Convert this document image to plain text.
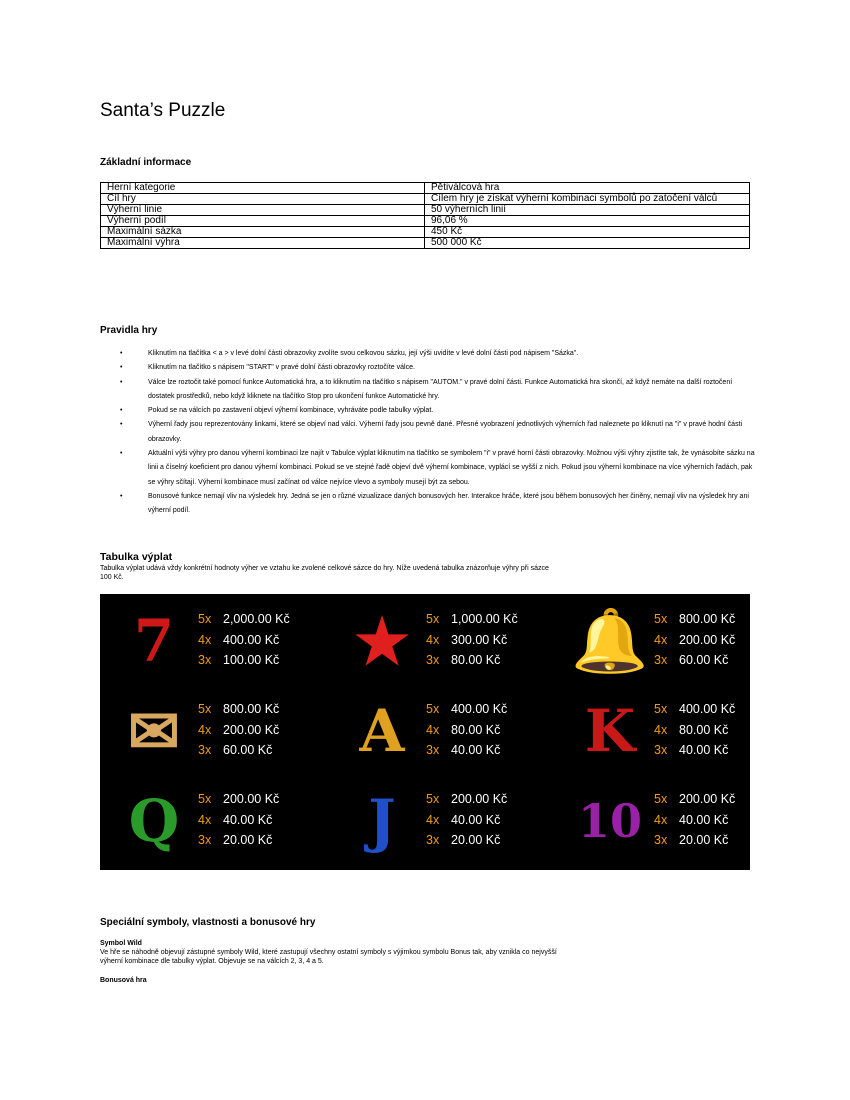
Santa’s Puzzle
Základní informace
Herní kategorie	Pětiválcová hra
Cíl hry	Cílem hry je získat výherní kombinaci symbolů po zatočení válců
Výherní linie	50 výherních linií
Výherní podíl	96,06 %
Maximální sázka	450 Kč
Maximální výhra	500 000 Kč
Pravidla hry
• Kliknutím na tlačítka < a > v levé dolní části obrazovky zvolíte svou celkovou sázku, její výši uvidíte v levé dolní části pod nápisem "Sázka".
• Kliknutím na tlačítko s nápisem "START" v pravé dolní části obrazovky roztočíte válce.
• Válce lze roztočit také pomocí funkce Automatická hra, a to kliknutím na tlačítko s nápisem "AUTOM." v pravé dolní části. Funkce Automatická hra skončí, až když nemáte na další roztočení dostatek prostředků, nebo když kliknete na tlačítko Stop pro ukončení funkce Automatické hry.
• Pokud se na válcích po zastavení objeví výherní kombinace, vyhráváte podle tabulky výplat.
• Výherní řady jsou reprezentovány linkami, které se objeví nad válci. Výherní řady jsou pevně dané. Přesné vyobrazení jednotlivých výherních řad naleznete po kliknutí na "i" v pravé hodní části obrazovky.
• Aktuální výši výhry pro danou výherní kombinaci lze najít v Tabulce výplat kliknutím na tlačítko se symbolem "i" v pravé horní části obrazovky. Možnou výši výhry zjistíte tak, že vynásobíte sázku na linii a číselný koeficient pro danou výherní kombinaci. Pokud se ve stejné řadě objeví dvě výherní kombinace, vyplácí se vyšší z nich. Pokud jsou výherní kombinace na více výherních řadách, pak se výhry sčítají. Výherní kombinace musí začínat od válce nejvíce vlevo a symboly musejí být za sebou.
• Bonusové funkce nemají vliv na výsledek hry. Jedná se jen o různé vizualizace daných bonusových her. Interakce hráče, které jsou během bonusových her činěny, nemají vliv na výsledek hry ani výherní podíl.
Tabulka výplat
Tabulka výplat udává vždy konkrétní hodnoty výher ve vztahu ke zvolené celkové sázce do hry. Níže uvedená tabulka znázorňuje výhry při sázce 100 Kč.
7	5x 2,000.00 Kč
4x 400.00 Kč
3x 100.00 Kč ★	5x 1,000.00 Kč
4x 300.00 Kč
3x 80.00 Kč 🔔 5x 800.00 Kč
4x 200.00 Kč
3x 60.00 Kč
✉	5x 800.00 Kč
4x 200.00 Kč
3x 60.00 Kč A	5x 400.00 Kč
4x 80.00 Kč
3x 40.00 Kč K	5x 400.00 Kč
4x 80.00 Kč
3x 40.00 Kč
Q	5x 200.00 Kč
4x 40.00 Kč
3x 20.00 Kč	J	5x 200.00 Kč
4x 40.00 Kč
3x 20.00 Kč 10 5x 200.00 Kč
4x 40.00 Kč
3x 20.00 Kč
Speciální symboly, vlastnosti a bonusové hry
Symbol Wild
Ve hře se náhodně objevují zástupné symboly Wild, které zastupují všechny ostatní symboly s výjimkou symbolu Bonus tak, aby vznikla co nejvyšší výherní kombinace dle tabulky výplat. Objevuje se na válcích 2, 3, 4 a 5.
Bonusová hra
